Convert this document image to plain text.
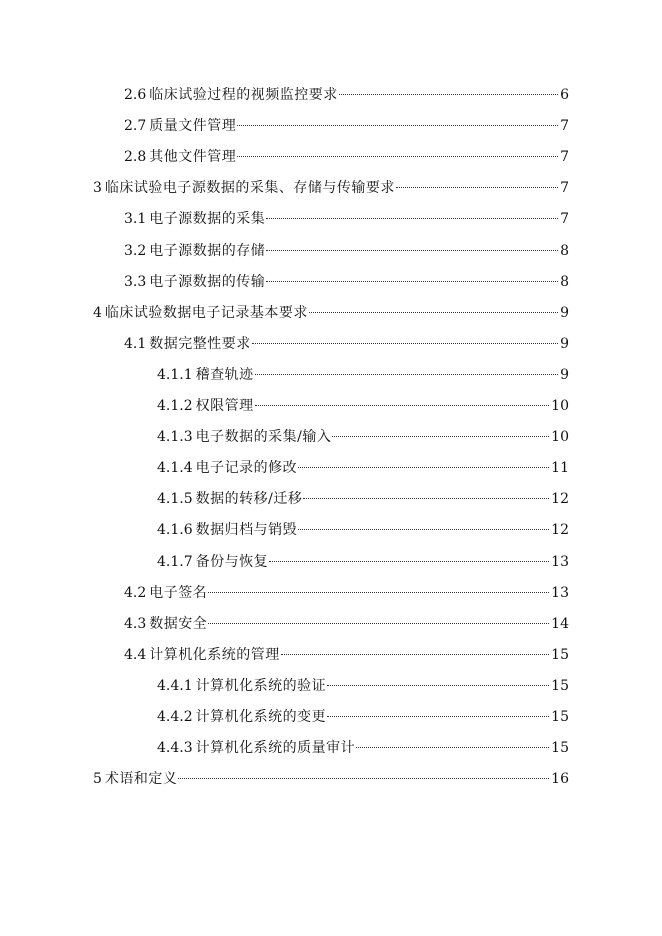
2.6 临床试验过程的视频监控要求	6
2.7 质量文件管理	7
2.8 其他文件管理	7
3 临床试验电子源数据的采集、存储与传输要求	7
3.1 电子源数据的采集	7
3.2 电子源数据的存储	8
3.3 电子源数据的传输	8
4 临床试验数据电子记录基本要求	9
4.1 数据完整性要求	9
4.1.1 稽查轨迹	9
4.1.2 权限管理	10
4.1.3 电子数据的采集/输入	10
4.1.4 电子记录的修改	11
4.1.5 数据的转移/迁移	12
4.1.6 数据归档与销毁	12
4.1.7 备份与恢复	13
4.2 电子签名	13
4.3 数据安全	14
4.4 计算机化系统的管理	15
4.4.1 计算机化系统的验证	15
4.4.2 计算机化系统的变更	15
4.4.3 计算机化系统的质量审计	15
5 术语和定义	16
